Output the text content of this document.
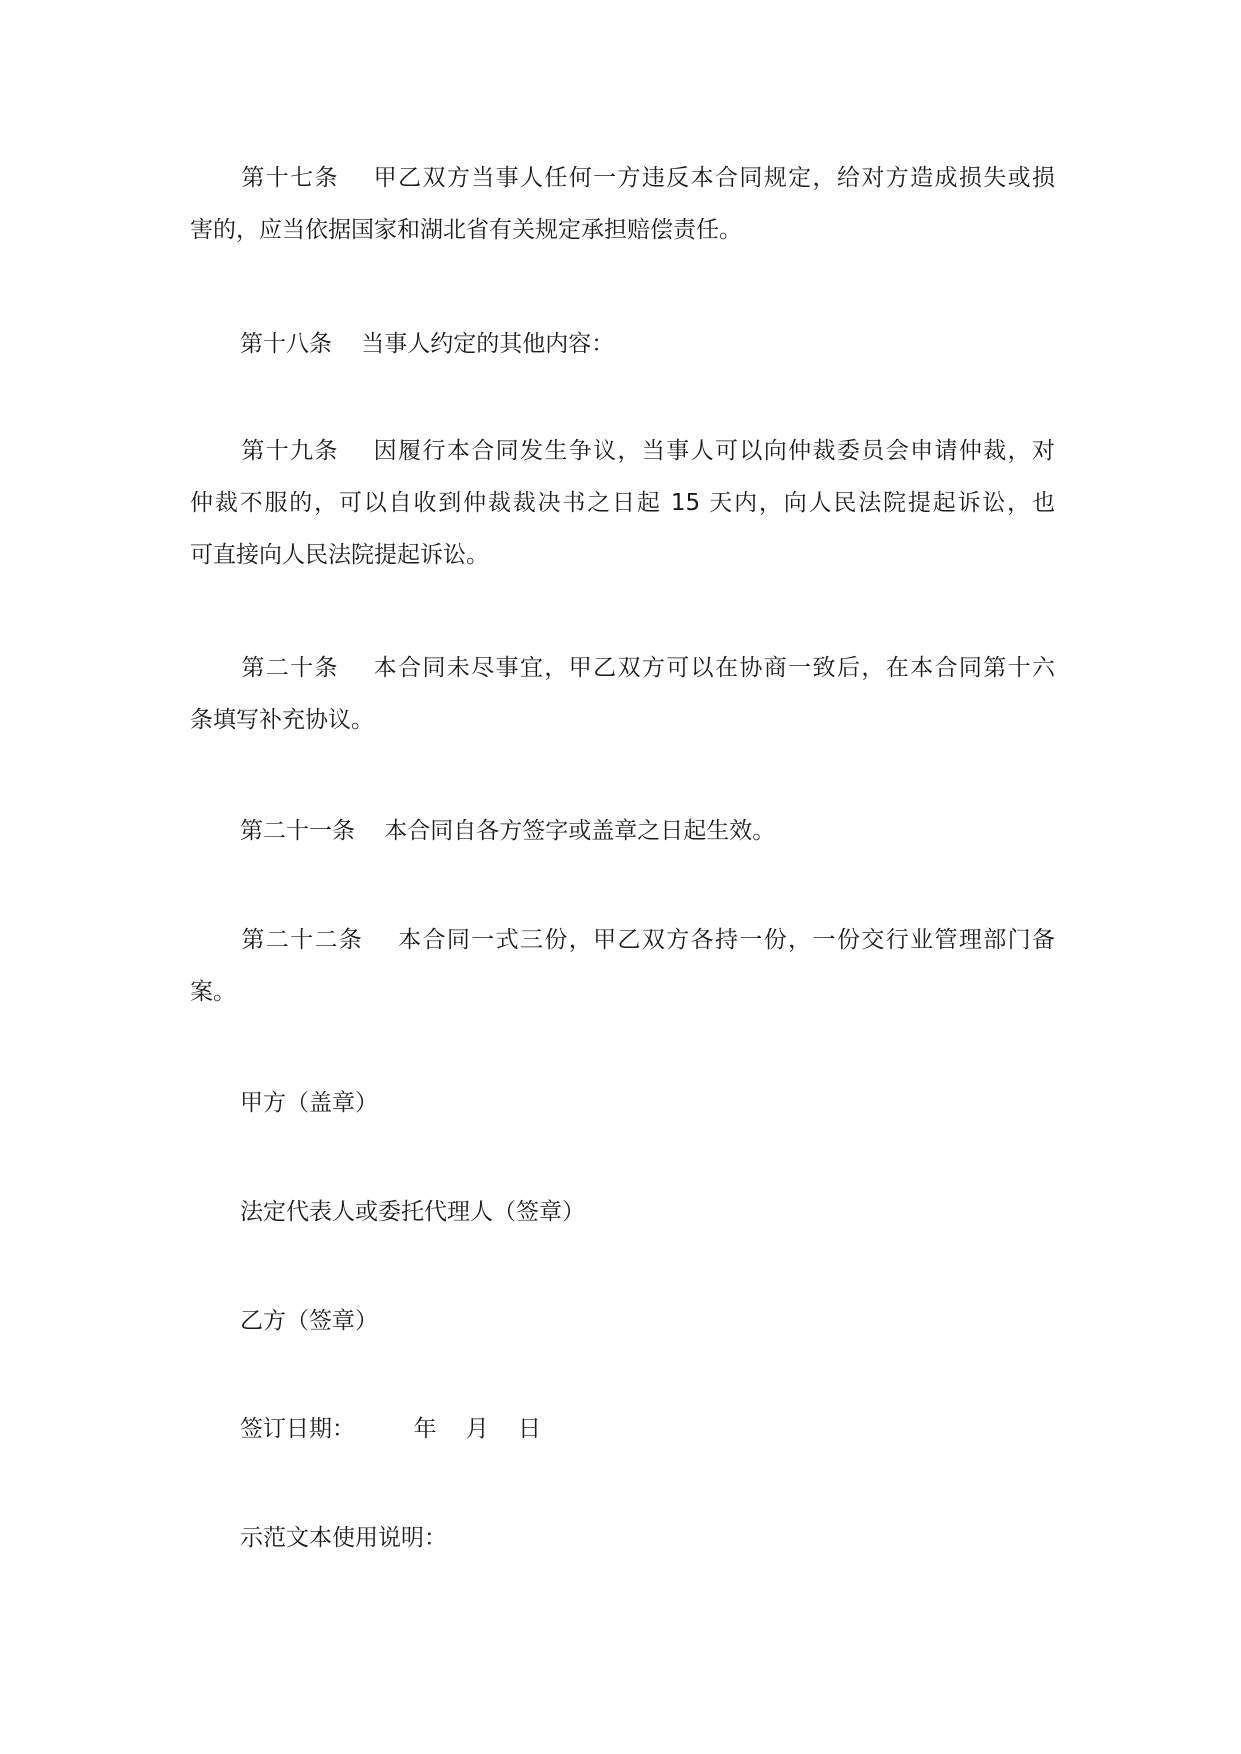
第十七条    甲乙双方当事人任何一方违反本合同规定，给对方造成损失或损
害的，应当依据国家和湖北省有关规定承担赔偿责任。
第十八条    当事人约定的其他内容：
第十九条    因履行本合同发生争议，当事人可以向仲裁委员会申请仲裁，对
仲裁不服的，可以自收到仲裁裁决书之日起 15 天内，向人民法院提起诉讼，也
可直接向人民法院提起诉讼。
第二十条    本合同未尽事宜，甲乙双方可以在协商一致后，在本合同第十六
条填写补充协议。
第二十一条    本合同自各方签字或盖章之日起生效。
第二十二条    本合同一式三份，甲乙双方各持一份，一份交行业管理部门备
案。
甲方（盖章）
法定代表人或委托代理人（签章）
乙方（签章）
签订日期：        年    月    日
示范文本使用说明：
